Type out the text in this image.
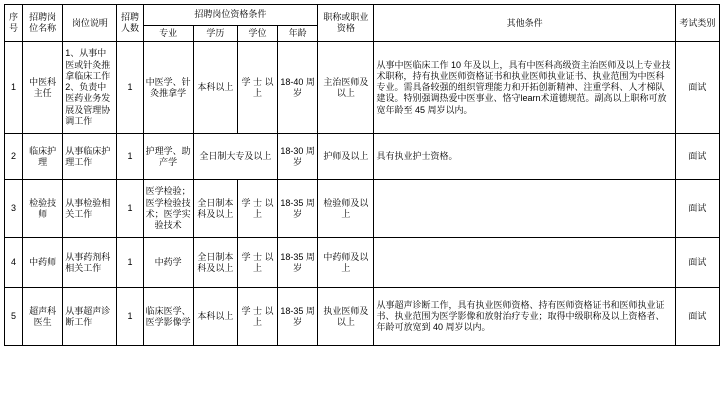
序号	招聘岗位名称	岗位说明	招聘人数	招聘岗位资格条件				职称或职业资格	其他条件	考试类别
				专业	学历	学位	年龄			
1	中医科主任	1、从事中医或针灸推拿临床工作 2、负责中医药业务发展及管理协调工作	1	中医学、针灸推拿学	本科以上	学 士 以上	18-40 周岁	主治医师及以上	从事中医临床工作 10 年及以上，具有中医科高级资主治医师及以上专业技术职称，持有执业医师资格证书和执业医师执业证书、执业范围为中医科专业。需具备较强的组织管理能力和开拓创新精神、注重学科、人才梯队建设。特别强调热爱中医事业、恪守learn术道德规范。副高以上职称可放宽年龄至 45 周岁以内。	面试
2	临床护理	从事临床护理工作	1	护理学、助产学	全日制大专及以上		18-30 周岁	护师及以上	具有执业护士资格。	面试
3	检验技师	从事检验相关工作	1	医学检验；医学检验技术；医学实验技术	全日制本科及以上	学 士 以上	18-35 周岁	检验师及以上		面试
4	中药师	从事药剂科相关工作	1	中药学	全日制本科及以上	学 士 以上	18-35 周岁	中药师及以上		面试
5	超声科医生	从事超声诊断工作	1	临床医学、医学影像学	本科以上	学 士 以上	18-35 周岁	执业医师及以上	从事超声诊断工作，具有执业医师资格、持有医师资格证书和医师执业证书、执业范围为医学影像和放射治疗专业；取得中级职称及以上资格者、年龄可放宽到 40 周岁以内。	面试
